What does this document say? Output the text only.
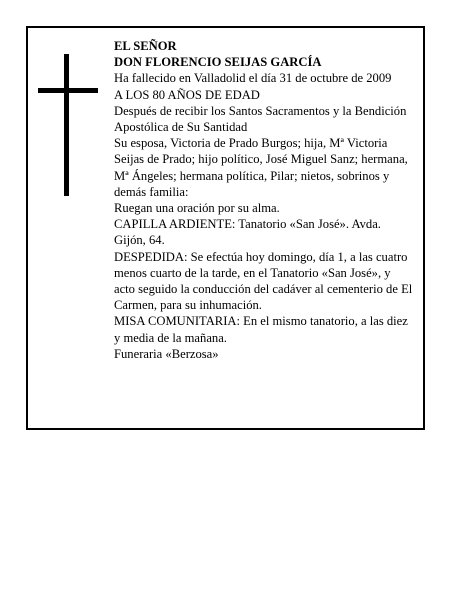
EL SEÑOR

DON FLORENCIO SEIJAS GARCÍA

Ha fallecido en Valladolid el día 31 de octubre de 2009

A LOS 80 AÑOS DE EDAD

Después de recibir los Santos Sacramentos y la Bendición Apostólica de Su Santidad

Su esposa, Victoria de Prado Burgos; hija, Mª Victoria Seijas de Prado; hijo político, José Miguel Sanz; hermana, Mª Ángeles; hermana política, Pilar; nietos, sobrinos y demás familia:

Ruegan una oración por su alma.

CAPILLA ARDIENTE: Tanatorio «San José». Avda. Gijón, 64.

DESPEDIDA: Se efectúa hoy domingo, día 1, a las cuatro menos cuarto de la tarde, en el Tanatorio «San José», y acto seguido la conducción del cadáver al cementerio de El Carmen, para su inhumación.

MISA COMUNITARIA: En el mismo tanatorio, a las diez y media de la mañana.

Funeraria «Berzosa»
